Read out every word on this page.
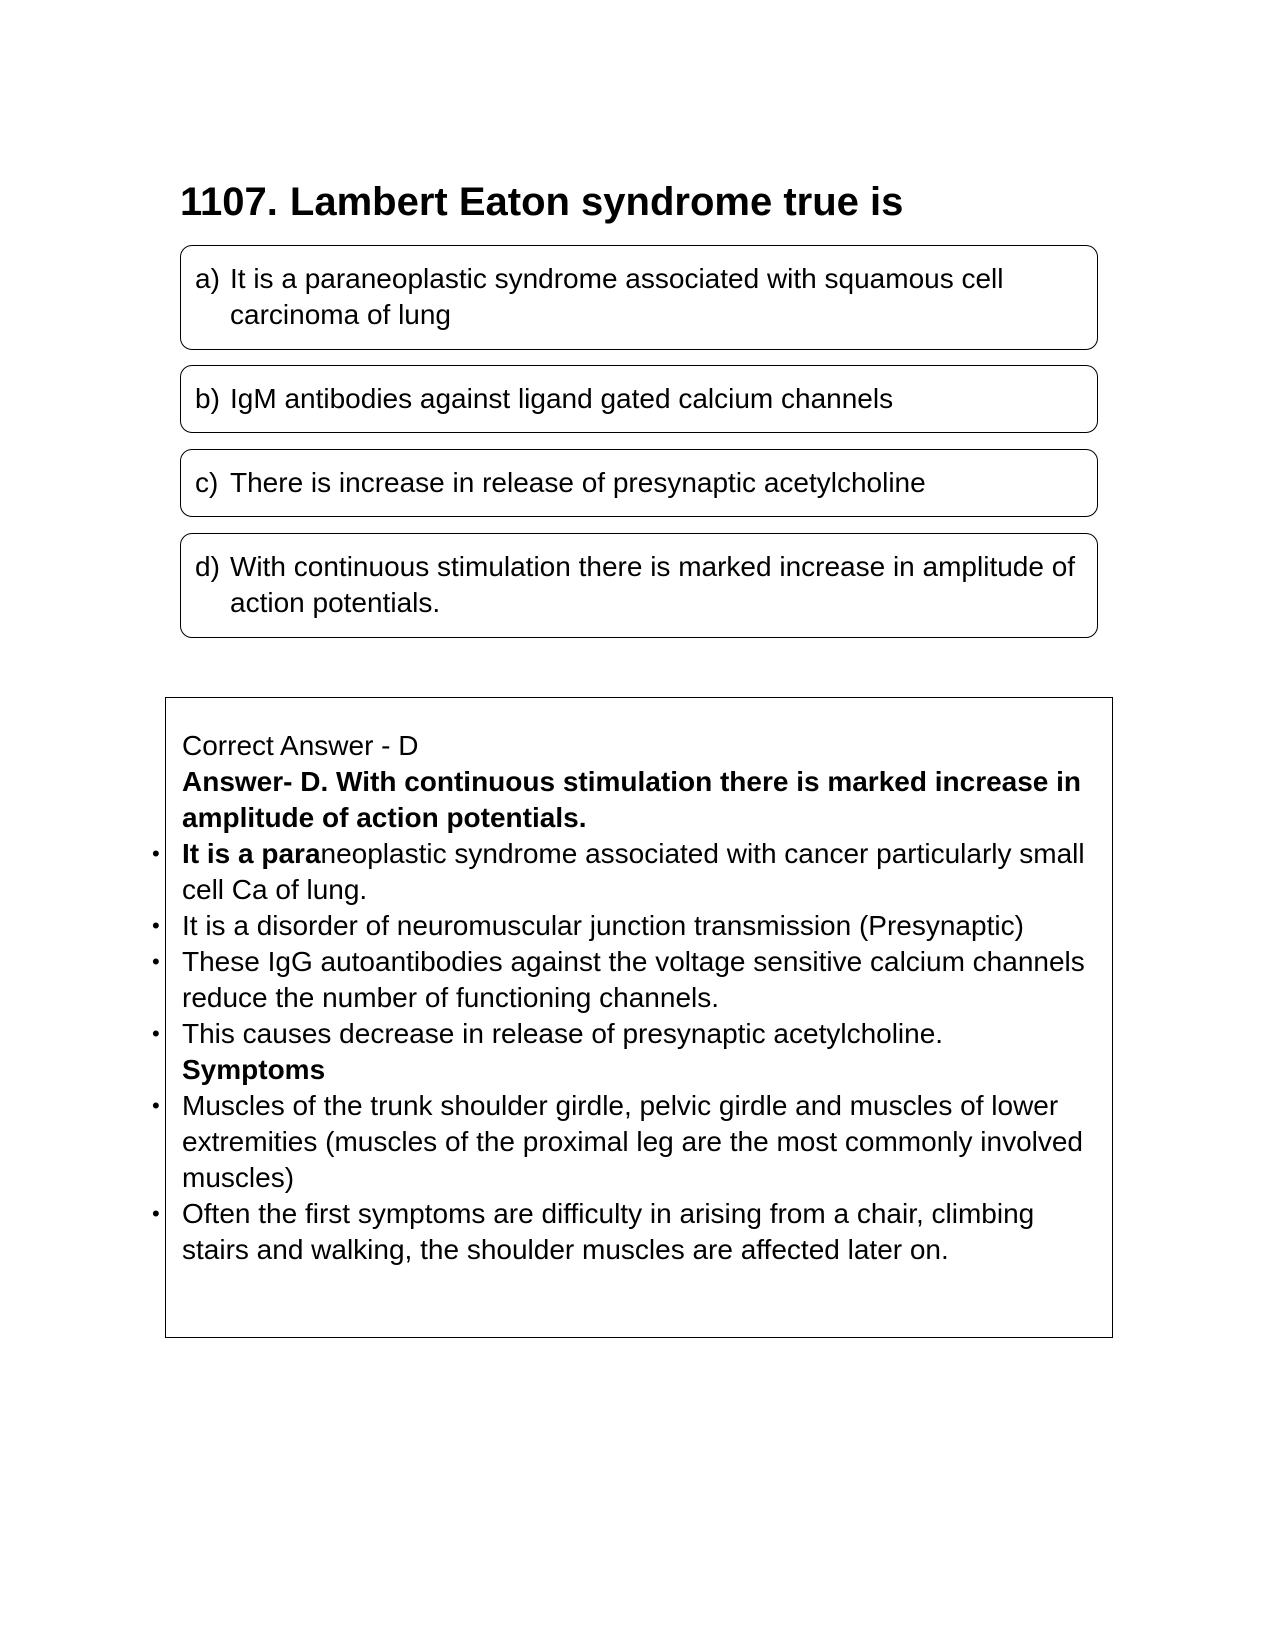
1107. Lambert Eaton syndrome true is
a) It is a paraneoplastic syndrome associated with squamous cell carcinoma of lung
b) IgM antibodies against ligand gated calcium channels
c) There is increase in release of presynaptic acetylcholine
d) With continuous stimulation there is marked increase in amplitude of action potentials.

Correct Answer - D

Answer- D. With continuous stimulation there is marked increase in amplitude of action potentials.

• It is a paraneoplastic syndrome associated with cancer particularly small cell Ca of lung.
• It is a disorder of neuromuscular junction transmission (Presynaptic)
• These IgG autoantibodies against the voltage sensitive calcium channels reduce the number of functioning channels.
• This causes decrease in release of presynaptic acetylcholine.

Symptoms

• Muscles of the trunk shoulder girdle, pelvic girdle and muscles of lower extremities (muscles of the proximal leg are the most commonly involved muscles)
• Often the first symptoms are difficulty in arising from a chair, climbing stairs and walking, the shoulder muscles are affected later on.
